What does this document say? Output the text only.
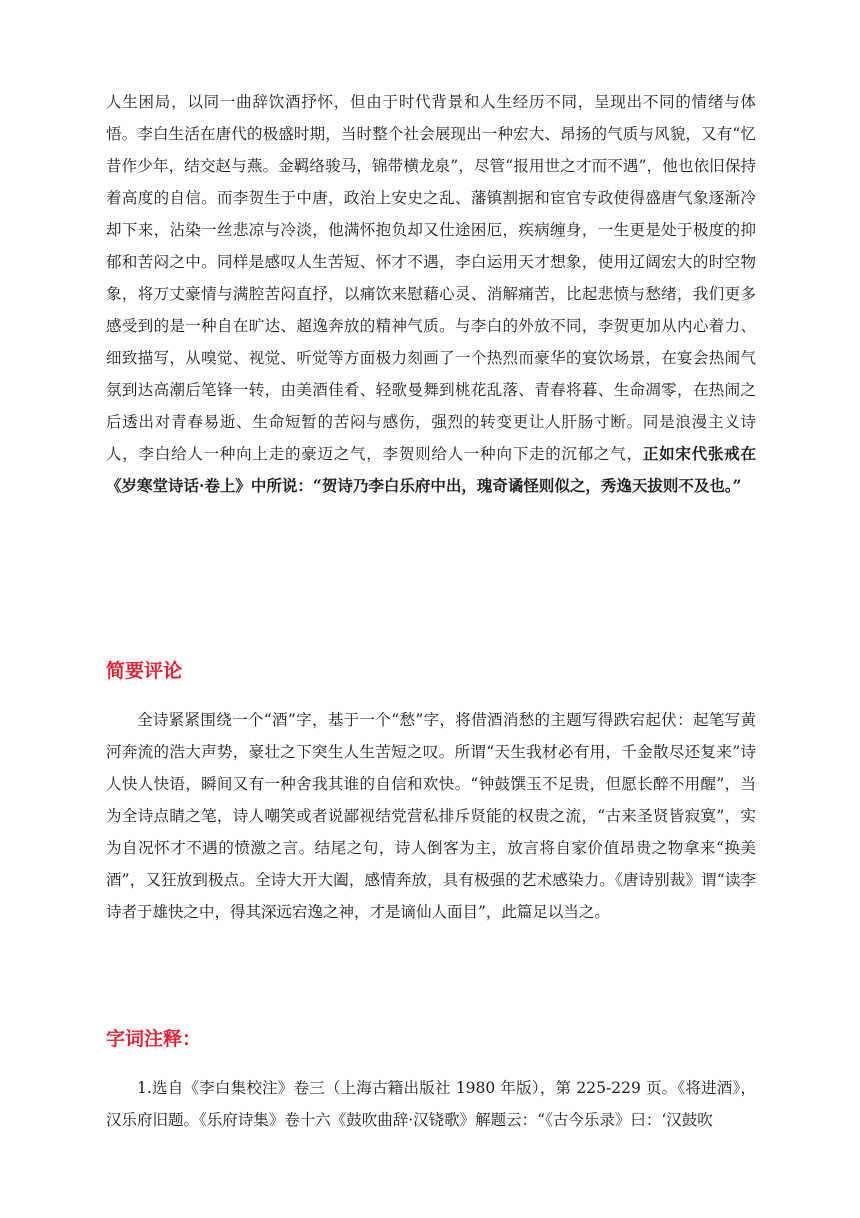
人生困局，以同一曲辞饮酒抒怀，但由于时代背景和人生经历不同，呈现出不同的情绪与体悟。李白生活在唐代的极盛时期，当时整个社会展现出一种宏大、昂扬的气质与风貌，又有“忆昔作少年，结交赵与燕。金羁络骏马，锦带横龙泉”，尽管“报用世之才而不遇”，他也依旧保持着高度的自信。而李贺生于中唐，政治上安史之乱、藩镇割据和宦官专政使得盛唐气象逐渐冷却下来，沾染一丝悲凉与冷淡，他满怀抱负却又仕途困厄，疾病缠身，一生更是处于极度的抑郁和苦闷之中。同样是感叹人生苦短、怀才不遇，李白运用天才想象，使用辽阔宏大的时空物象，将万丈豪情与满腔苦闷直抒，以痛饮来慰藉心灵、消解痛苦，比起悲愤与愁绪，我们更多感受到的是一种自在旷达、超逸奔放的精神气质。与李白的外放不同，李贺更加从内心着力、细致描写，从嗅觉、视觉、听觉等方面极力刻画了一个热烈而豪华的宴饮场景，在宴会热闹气氛到达高潮后笔锋一转，由美酒佳肴、轻歌曼舞到桃花乱落、青春将暮、生命凋零，在热闹之后透出对青春易逝、生命短暂的苦闷与感伤，强烈的转变更让人肝肠寸断。同是浪漫主义诗人，李白给人一种向上走的豪迈之气，李贺则给人一种向下走的沉郁之气，正如宋代张戒在《岁寒堂诗话·卷上》中所说：“贺诗乃李白乐府中出，瑰奇谲怪则似之，秀逸天拔则不及也。”

简要评论

全诗紧紧围绕一个“酒”字，基于一个“愁”字，将借酒消愁的主题写得跌宕起伏：起笔写黄河奔流的浩大声势，豪壮之下突生人生苦短之叹。所谓“天生我材必有用，千金散尽还复来”诗人快人快语，瞬间又有一种舍我其谁的自信和欢快。“钟鼓馔玉不足贵，但愿长醉不用醒”，当为全诗点睛之笔，诗人嘲笑或者说鄙视结党营私排斥贤能的权贵之流，“古来圣贤皆寂寞”，实为自况怀才不遇的愤激之言。结尾之句，诗人倒客为主，放言将自家价值昂贵之物拿来“换美酒”，又狂放到极点。全诗大开大阖，感情奔放，具有极强的艺术感染力。《唐诗别裁》谓“读李诗者于雄快之中，得其深远宕逸之神，才是谪仙人面目”，此篇足以当之。

字词注释：

1.选自《李白集校注》卷三（上海古籍出版社 1980 年版），第 225-229 页。《将进酒》，汉乐府旧题。《乐府诗集》卷十六《鼓吹曲辞·汉铙歌》解题云：“《古今乐录》曰：‘汉鼓吹
